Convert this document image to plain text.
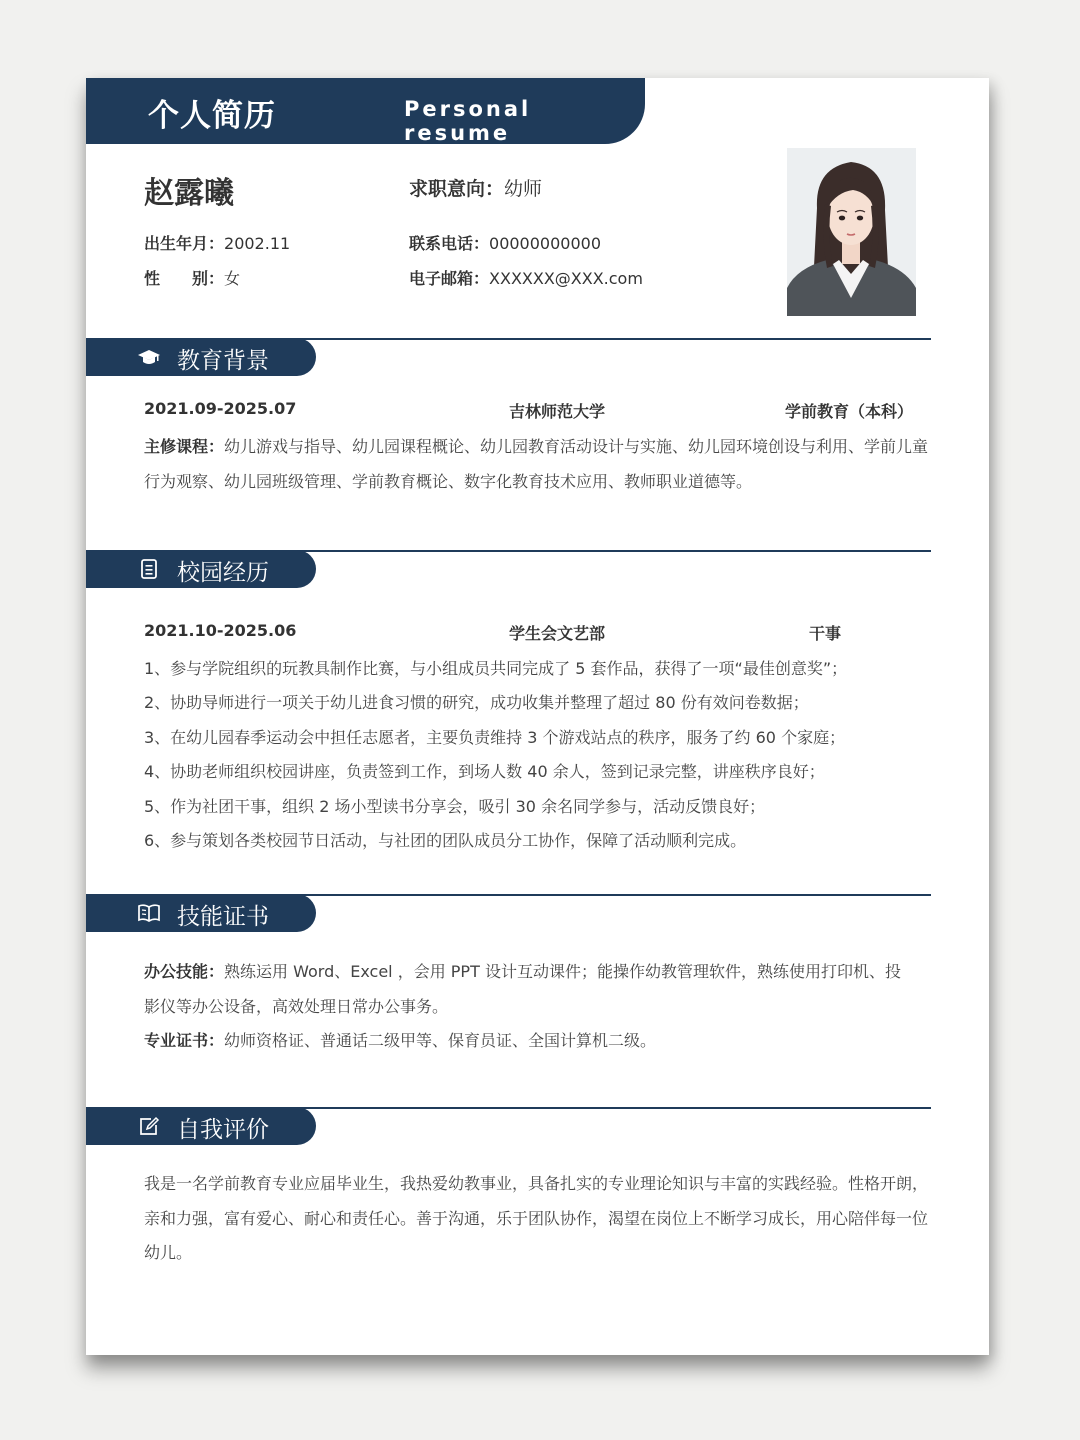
个人简历	Personal resume
赵露曦	求职意向：幼师
出生年月：2002.11
性　　别：女
联系电话：00000000000
电子邮箱：XXXXXX@XXX.com
教育背景
2021.09-2025.07	吉林师范大学	学前教育（本科）
主修课程：幼儿游戏与指导、幼儿园课程概论、幼儿园教育活动设计与实施、幼儿园环境创设与利用、学前儿童行为观察、幼儿园班级管理、学前教育概论、数字化教育技术应用、教师职业道德等。
校园经历
2021.10-2025.06	学生会文艺部	干事
1、参与学院组织的玩教具制作比赛，与小组成员共同完成了 5 套作品，获得了一项“最佳创意奖”；
2、协助导师进行一项关于幼儿进食习惯的研究，成功收集并整理了超过 80 份有效问卷数据；
3、在幼儿园春季运动会中担任志愿者，主要负责维持 3 个游戏站点的秩序，服务了约 60 个家庭；
4、协助老师组织校园讲座，负责签到工作，到场人数 40 余人，签到记录完整，讲座秩序良好；
5、作为社团干事，组织 2 场小型读书分享会，吸引 30 余名同学参与，活动反馈良好；
6、参与策划各类校园节日活动，与社团的团队成员分工协作，保障了活动顺利完成。
技能证书
办公技能：熟练运用 Word、Excel ，会用 PPT 设计互动课件；能操作幼教管理软件，熟练使用打印机、投影仪等办公设备，高效处理日常办公事务。
专业证书：幼师资格证、普通话二级甲等、保育员证、全国计算机二级。
自我评价
我是一名学前教育专业应届毕业生，我热爱幼教事业，具备扎实的专业理论知识与丰富的实践经验。性格开朗，亲和力强，富有爱心、耐心和责任心。善于沟通，乐于团队协作，渴望在岗位上不断学习成长，用心陪伴每一位幼儿。
